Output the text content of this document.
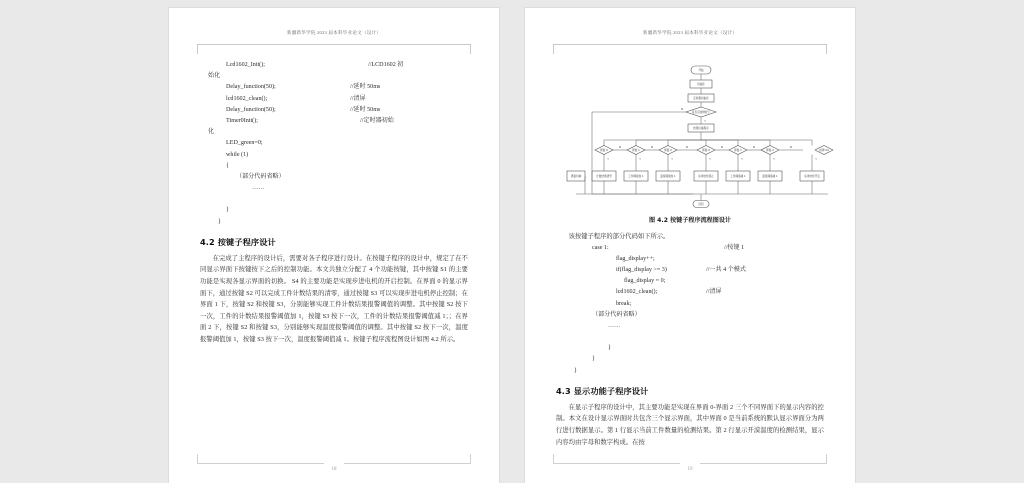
新疆新华学院 2023 届本科毕业论文（设计）
Lcd1602_Init();	//LCD1602 初
始化
Delay_function(50);	//延时 50ms
lcd1602_clean();	//清屏
Delay_function(50);	//延时 50ms
Timer0Init();	//定时器初始
化
LED_green=0;
while (1)
{
（部分代码省略）
……
}
}
4.2 按键子程序设计
在完成了主程序的设计后，需要对各子程序进行设计。在按键子程序的设计中，规定了在不同显示界面下按键按下之后的控制功能。本文共独立分配了 4 个功能按键，其中按键 S1 的主要功能是实现各显示界面的切换。 S4 的主要功能是实现步进电机的开启控制。在界面 0 的显示界面下，通过按键 S2 可以完成工件计数结果的清零，通过按键 S3 可以实现步进电机停止控制；在界面 1 下，按键 S2 和按键 S3，分别能够实现工件计数结果报警阈值的调整。其中按键 S2 按下一次，工件的计数结果报警阈值加 1，按键 S3 按下一次，工件的计数结果报警阈值减 1；；在界面 2 下，按键 S2 和按键 S3，分别能够实现温度报警阈值的调整。其中按键 S2 按下一次，温度报警阈值加 1，按键 S3 按下一次，温度报警阈值减 1。按键子程序流程图设计如图 4.2 所示。
18
新疆新华学院 2023 届本科毕业论文（设计）
开始
初始化
定时器初始化
是否有按键按下
按键扫描程序
界面 0	界面 1	界面 2	界面 0	界面 1	界面 2	按键 S4
计数结果清零	工件阈值加 1	温度阈值加 1	步进电机停止	工件阈值减 1	温度阈值减 1	步进电机开启
界面切换
返回
Y
N
Y	Y	Y	Y	Y	Y	Y
N	N	N	N	N	N
图 4.2 按键子程序流程图设计
该按键子程序的部分代码如下所示。
case 1:	//按键 1
flag_display++;
if(flag_display >= 3)	//一共 4 个模式
flag_display = 0;
lcd1602_clean();	//清屏
break;
（部分代码省略）
……
}
}
}
4.3 显示功能子程序设计
在显示子程序的设计中，其主要功能是实现在界面 0-界面 2 三个不同界面下的显示内容的控制。本文在设计显示界面时共包含三个显示界面，其中界面 0 是当前系统的默认显示界面分为两行进行数据显示。第 1 行显示当前工件数量的检测结果。第 2 行显示开漠温度的检测结果，显示内容均由字母和数字构成。在按
19
